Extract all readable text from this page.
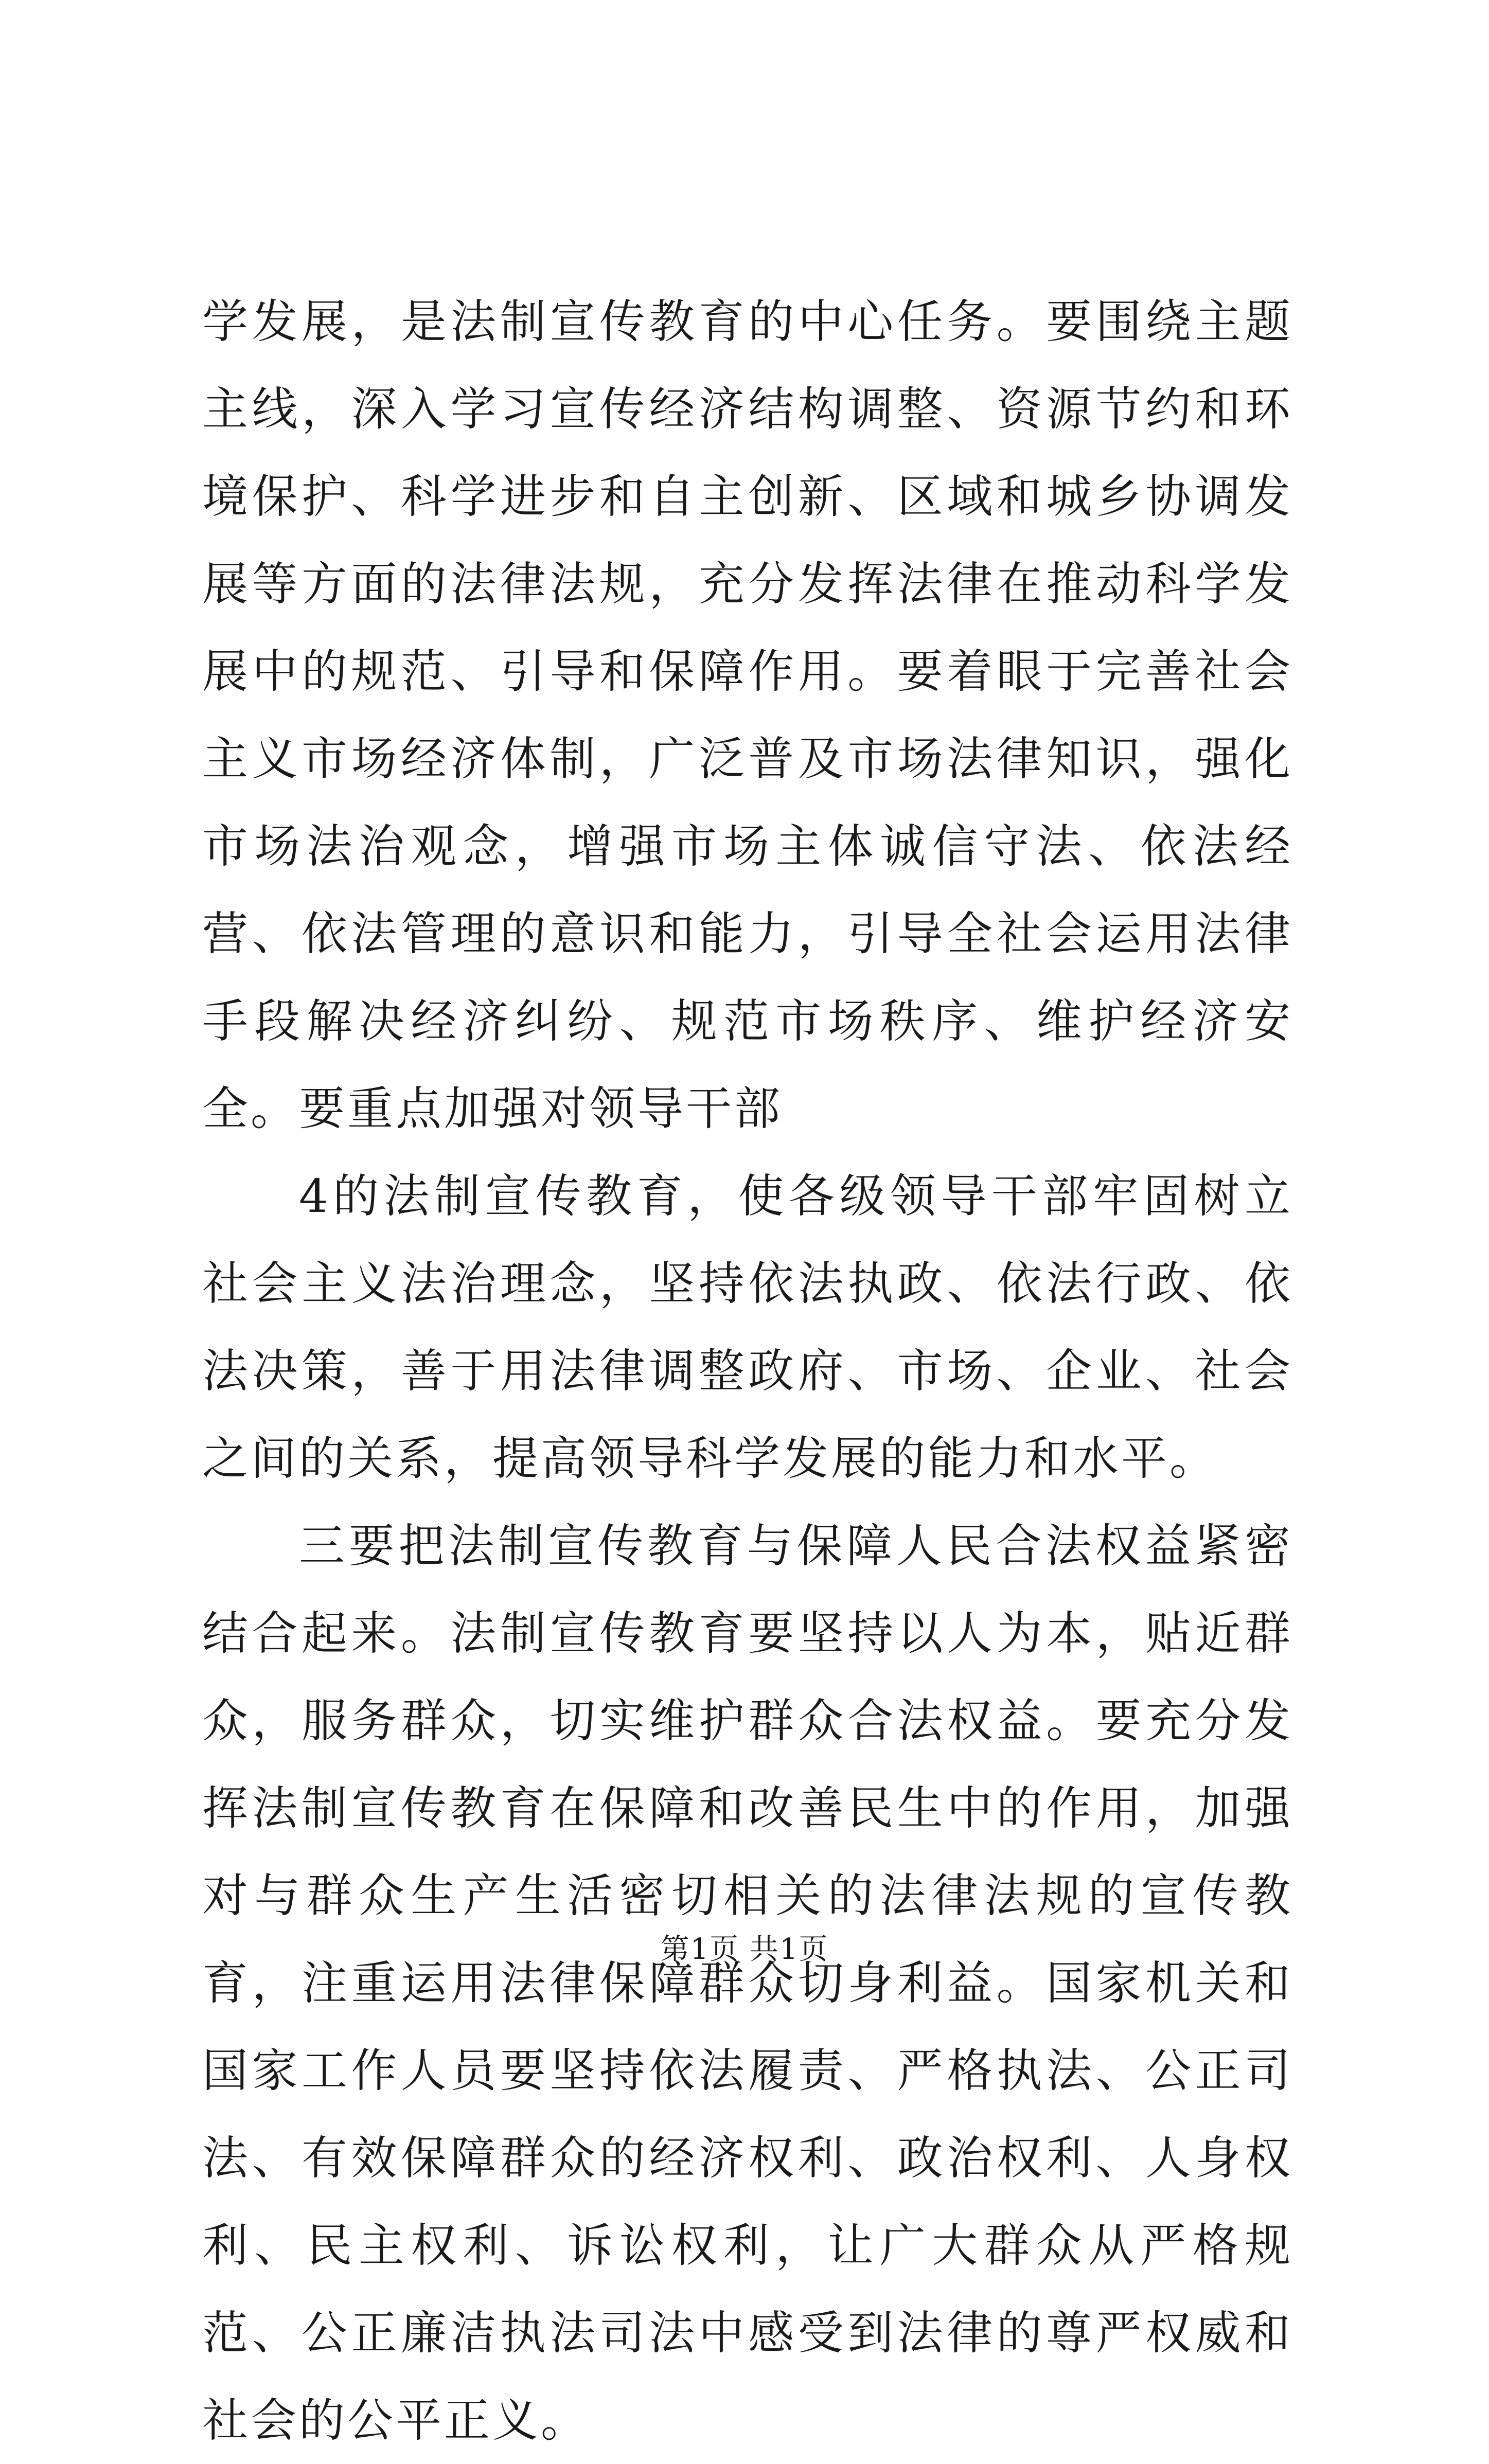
学发展，是法制宣传教育的中心任务。要围绕主题主线，深入学习宣传经济结构调整、资源节约和环境保护、科学进步和自主创新、区域和城乡协调发展等方面的法律法规，充分发挥法律在推动科学发展中的规范、引导和保障作用。要着眼于完善社会主义市场经济体制，广泛普及市场法律知识，强化市场法治观念，增强市场主体诚信守法、依法经营、依法管理的意识和能力，引导全社会运用法律手段解决经济纠纷、规范市场秩序、维护经济安全。要重点加强对领导干部

4的法制宣传教育，使各级领导干部牢固树立社会主义法治理念，坚持依法执政、依法行政、依法决策，善于用法律调整政府、市场、企业、社会之间的关系，提高领导科学发展的能力和水平。

三要把法制宣传教育与保障人民合法权益紧密结合起来。法制宣传教育要坚持以人为本，贴近群众，服务群众，切实维护群众合法权益。要充分发挥法制宣传教育在保障和改善民生中的作用，加强对与群众生产生活密切相关的法律法规的宣传教育，注重运用法律保障群众切身利益。国家机关和国家工作人员要坚持依法履责、严格执法、公正司法、有效保障群众的经济权利、政治权利、人身权利、民主权利、诉讼权利，让广大群众从严格规范、公正廉洁执法司法中感受到法律的尊严权威和社会的公平正义。

第1页 共1页
